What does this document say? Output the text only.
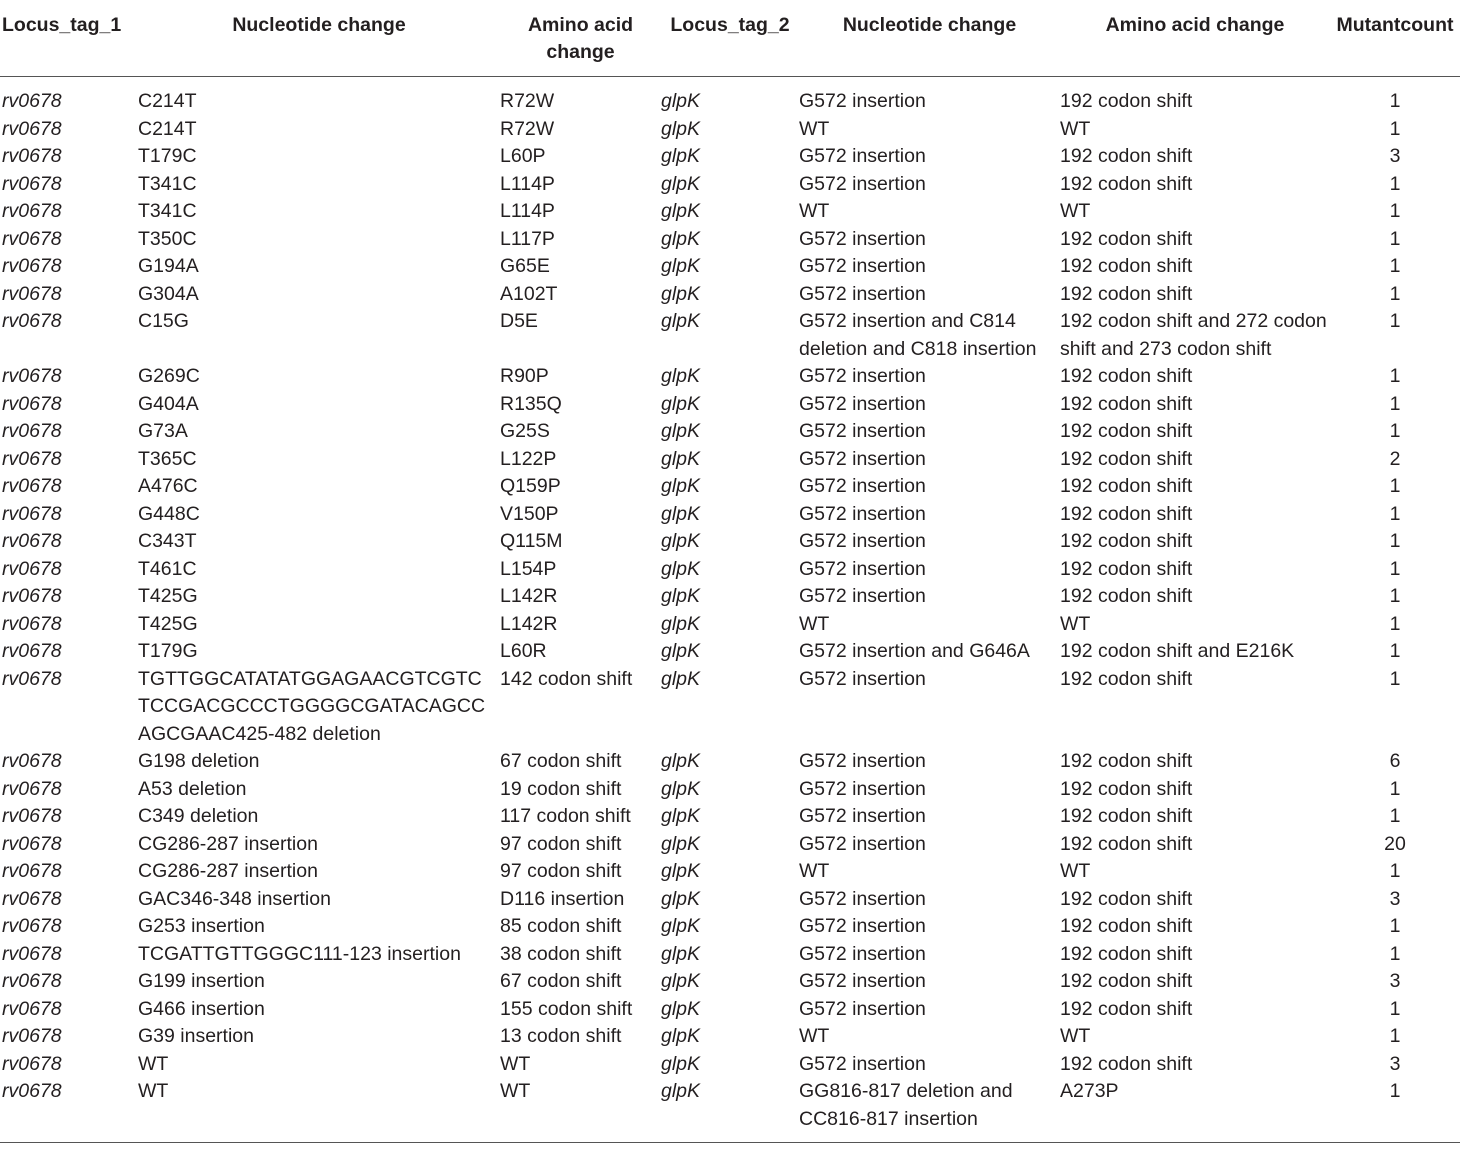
Locus_tag_1	Nucleotide change	Amino acid change	Locus_tag_2	Nucleotide change	Amino acid change	Mutantcount
rv0678	C214T	R72W	glpK	G572 insertion	192 codon shift	1
rv0678	C214T	R72W	glpK	WT	WT	1
rv0678	T179C	L60P	glpK	G572 insertion	192 codon shift	3
rv0678	T341C	L114P	glpK	G572 insertion	192 codon shift	1
rv0678	T341C	L114P	glpK	WT	WT	1
rv0678	T350C	L117P	glpK	G572 insertion	192 codon shift	1
rv0678	G194A	G65E	glpK	G572 insertion	192 codon shift	1
rv0678	G304A	A102T	glpK	G572 insertion	192 codon shift	1
rv0678	C15G	D5E	glpK	G572 insertion and C814 deletion and C818 insertion	192 codon shift and 272 codon shift and 273 codon shift	1
rv0678	G269C	R90P	glpK	G572 insertion	192 codon shift	1
rv0678	G404A	R135Q	glpK	G572 insertion	192 codon shift	1
rv0678	G73A	G25S	glpK	G572 insertion	192 codon shift	1
rv0678	T365C	L122P	glpK	G572 insertion	192 codon shift	2
rv0678	A476C	Q159P	glpK	G572 insertion	192 codon shift	1
rv0678	G448C	V150P	glpK	G572 insertion	192 codon shift	1
rv0678	C343T	Q115M	glpK	G572 insertion	192 codon shift	1
rv0678	T461C	L154P	glpK	G572 insertion	192 codon shift	1
rv0678	T425G	L142R	glpK	G572 insertion	192 codon shift	1
rv0678	T425G	L142R	glpK	WT	WT	1
rv0678	T179G	L60R	glpK	G572 insertion and G646A	192 codon shift and E216K	1
rv0678	TGTTGGCATATATGGAGAACGTCGTCTCCGACGCCCTGGGGCGATACAGCCAGCGAAC425-482 deletion	142 codon shift	glpK	G572 insertion	192 codon shift	1
rv0678	G198 deletion	67 codon shift	glpK	G572 insertion	192 codon shift	6
rv0678	A53 deletion	19 codon shift	glpK	G572 insertion	192 codon shift	1
rv0678	C349 deletion	117 codon shift	glpK	G572 insertion	192 codon shift	1
rv0678	CG286-287 insertion	97 codon shift	glpK	G572 insertion	192 codon shift	20
rv0678	CG286-287 insertion	97 codon shift	glpK	WT	WT	1
rv0678	GAC346-348 insertion	D116 insertion	glpK	G572 insertion	192 codon shift	3
rv0678	G253 insertion	85 codon shift	glpK	G572 insertion	192 codon shift	1
rv0678	TCGATTGTTGGGC111-123 insertion	38 codon shift	glpK	G572 insertion	192 codon shift	1
rv0678	G199 insertion	67 codon shift	glpK	G572 insertion	192 codon shift	3
rv0678	G466 insertion	155 codon shift	glpK	G572 insertion	192 codon shift	1
rv0678	G39 insertion	13 codon shift	glpK	WT	WT	1
rv0678	WT	WT	glpK	G572 insertion	192 codon shift	3
rv0678	WT	WT	glpK	GG816-817 deletion and CC816-817 insertion	A273P	1
